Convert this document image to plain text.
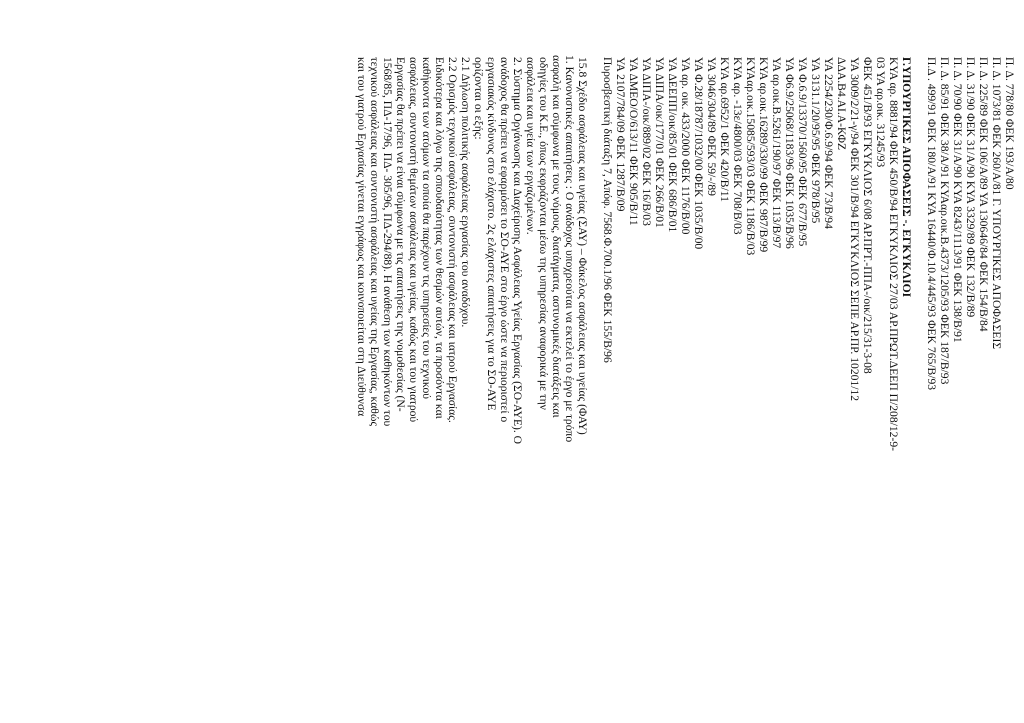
Π. Δ. 778/80 ΦΕΚ 193/Α/80
Π. Δ. 1073/81 ΦΕΚ 260/Α/81 Γ. ΥΠΟΥΡΓΙΚΕΣ ΑΠΟΦΑΣΕΙΣ
Π. Δ. 225/89 ΦΕΚ 106/Α/89 ΥΑ 130646/84 ΦΕΚ 154/Β/84
Π. Δ. 31/90 ΦΕΚ 31/Α/90 ΚΥΑ 3329/89 ΦΕΚ 132/Β/89
Π. Δ. 70/90 ΦΕΚ 31/Α/90 ΚΥΑ 8243/1113/91 ΦΕΚ 138/Β/91
Π. Δ. 85/91 ΦΕΚ 38/Α/91 ΚΥΑαρ.οικ.Β.4373/1205/93 ΦΕΚ 187/Β/93
Π.Δ . 499/91 ΦΕΚ 180/Α/91 ΚΥΑ 16440/Φ.10.4/445/93 ΦΕΚ 765/Β/93
Γ.ΥΠΟΥΡΓΙΚΕΣ ΑΠΟΦΑΣΕΙΣ -. ΕΓΚΥΚΛΙΟΙ
ΚΥΑ αρ. 8881/94 ΦΕΚ 450/Β/94 ΕΓΚΥΚΛΙΟΣ 27/03 ΑΡ.ΠΡΩΤ.ΔΕΕΠ Π/208/12-9-
03 ΥΑ αρ.οικ. 31245/93
ΦΕΚ 451/Β/93 ΕΓΚΥΚΛΙΟΣ 6/08 ΑΡ.ΠΡΤ.-ΠΠΑ-/οικ/215/31-3-08
ΥΑ 3009/2/21-γ/94 ΦΕΚ 301/Β/94 ΕΓΚΥΚΛΙΟΣ ΣΕΠΕ ΑΡ.ΠΡ. 10201/12
ΔΔΑ.Β4.ΑΙ.Α-ΚΦΖ
ΥΑ 2254/230/Φ.6.9/94 ΦΕΚ 73/Β/94
ΥΑ 3131.1/20/95/95 ΦΕΚ 978/Β/95
ΥΑ Φ.6.9/13370/1560/95 ΦΕΚ 677/Β/95
ΥΑ Φ6.9/25068/1183/96 ΦΕΚ 1035/Β/96
ΥΑ αρ.οικ.Β.5261/190/97 ΦΕΚ 113/Β/97
ΚΥΑ αρ.οικ.16289/330/99 ΦΕΚ 987/Β/99
ΚΥΑαρ.οικ.15085/593/03 ΦΕΚ 1186/Β/03
ΚΥΑ αρ. -13ε/4800/03 ΦΕΚ 708/Β/03
ΚΥΑ αρ.6952/1 ΦΕΚ 420/Β/11
ΥΑ 3046/304/89 ΦΕΚ 59/-/89
ΥΑ Φ.28/18787/1032/00 ΦΕΚ 1035/Β/00
ΥΑ αρ. οικ. 433/2000 ΦΕΚ 1176/Β/00
ΥΑ ΔΕΕΠΠ/οικ/85/01 ΦΕΚ 686/Β/01
ΥΑ ΔΙΠΑ/οικ/177/01 ΦΕΚ 266/Β/01
ΥΑ ΔΙΠΑ-/οικ/889/02 ΦΕΚ 16/Β/03
ΥΑ ΔΜΕΟ/Ο/613/11 ΦΕΚ 905/Β/11
ΥΑ 2107/784/09 ΦΕΚ 1287/Β/09
Πυροσβεστική διάταξη 7, Απόφ. 7568.Φ.700.1/96 ΦΕΚ 155/Β/96
15.8 Σχέδιο ασφάλειας και υγείας (ΣΑΥ) – Φάκελος ασφάλειας και υγείας (ΦΑΥ)
1. Κανονιστικές απαιτήσεις : Ο ανάδοχος υποχρεούται να εκτελεί το έργο με τρόπο
ασφαλή και σύμφωνα με τους νόμους, διατάγματα, αστυνομικές διατάξεις και
οδηγίες του Κ.Ε., όπως εκφράζονται μέσω της υπηρεσίας αναφορικά με την
ασφάλεια και υγεία των εργαζομένων.
2. Σύστημα Οργάνωσης και Διαχείρισης Ασφάλειας Υγείας Εργασίας (ΣΟ-ΑΥΕ). Ο
ανάδοχος θα πρέπει να εφαρμόσει το ΣΟ-ΑΥΕ στο έργο ώστε να περιοριστεί ο
εργασιακός κίνδυνος στο ελάχιστο. 2ς ελάχιστες απαιτήσεις για το ΣΟ-ΑΥΕ
ορίζονται οι εξής:
2.1 Δήλωση πολιτικής ασφάλειας εργασίας του αναδόχου.
2.2 Ορισμός τεχνικού ασφάλειας, συντονιστή ασφάλειας και ιατρού Εργασίας.
Ειδικότερα και λόγω της σπουδαιότητας των θεσμών αυτών, τα προσόντα και
καθήκοντα των ατόμων τα οποία θα παρέχουν τις υπηρεσίες του τεχνικού
ασφάλειας, συντονιστή θεμάτων ασφάλειας και υγείας, καθώς και του γιατρού
Εργασίας θα πρέπει να είναι σύμφωνα με τις απαιτήσεις της νομοθεσίας (Ν-
1568/85, ΠΔ-17/96, ΠΔ- 305/96, ΠΔ-294/88). Η ανάθεση των καθηκόντων του
τεχνικού ασφάλειας και συντονιστή ασφάλειας και υγείας της Εργασίας, καθώς
και του γιατρού Εργασίας γίνεται εγγράφως και κοινοποιείται στη Διεύθυνσα
